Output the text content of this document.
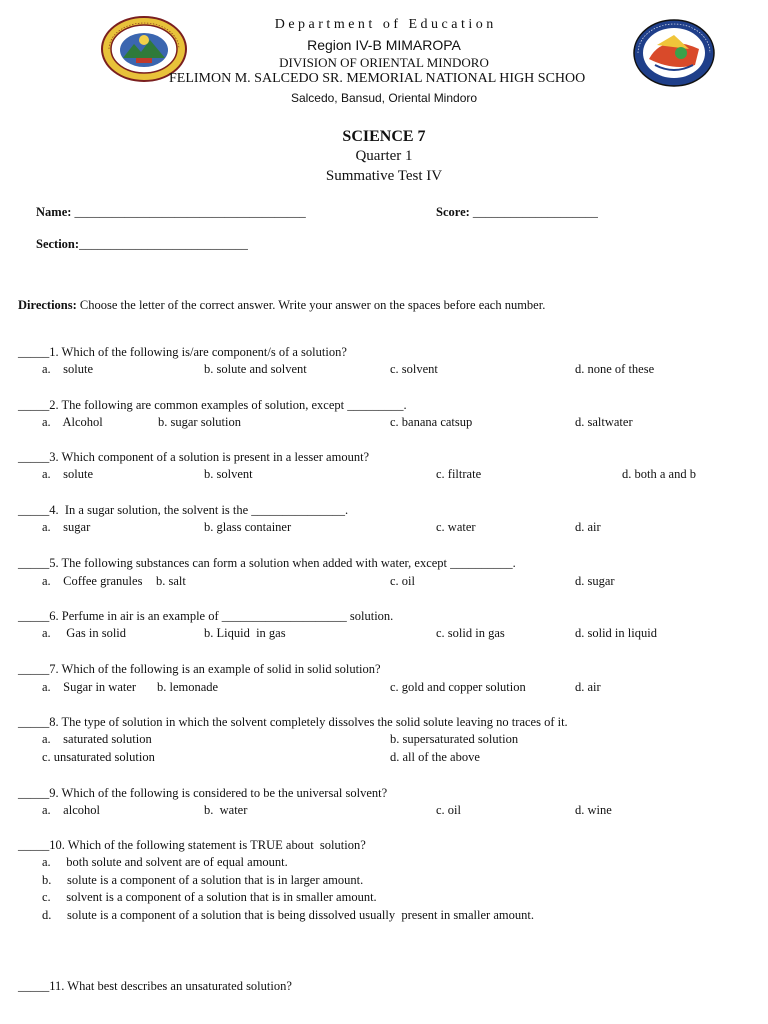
D e p a r t m e n t   o f   E d u c a t i o n
Region IV-B MIMAROPA
DIVISION OF ORIENTAL MINDORO
FELIMON M. SALCEDO SR. MEMORIAL NATIONAL HIGH SCHOO
Salcedo, Bansud, Oriental Mindoro
SCIENCE 7
Quarter 1
Summative Test IV
Name: _____________________________________	Score: ____________________
Section:___________________________
Directions: Choose the letter of the correct answer. Write your answer on the spaces before each number.
_____1. Which of the following is/are component/s of a solution?
a.    solute	b. solute and solvent	c. solvent	d. none of these
_____2. The following are common examples of solution, except _________.
a.    Alcohol	b. sugar solution	c. banana catsup	d. saltwater
_____3. Which component of a solution is present in a lesser amount?
a.    solute	b. solvent	c. filtrate	d. both a and b
_____4.  In a sugar solution, the solvent is the _______________.
a.    sugar	b. glass container	c. water	d. air
_____5. The following substances can form a solution when added with water, except __________.
a.    Coffee granules b. salt	c. oil	d. sugar
_____6. Perfume in air is an example of ____________________ solution.
a.     Gas in solid	b. Liquid  in gas	c. solid in gas	d. solid in liquid
_____7. Which of the following is an example of solid in solid solution?
a.    Sugar in water b. lemonade	c. gold and copper solution	d. air
_____8. The type of solution in which the solvent completely dissolves the solid solute leaving no traces of it.
a.    saturated solution	b. supersaturated solution
c. unsaturated solution	d. all of the above
_____9. Which of the following is considered to be the universal solvent?
a.    alcohol	b.  water	c. oil	d. wine
_____10. Which of the following statement is TRUE about  solution?
a.     both solute and solvent are of equal amount.
b.     solute is a component of a solution that is in larger amount.
c.     solvent is a component of a solution that is in smaller amount.
d.     solute is a component of a solution that is being dissolved usually  present in smaller amount.
_____11. What best describes an unsaturated solution?
